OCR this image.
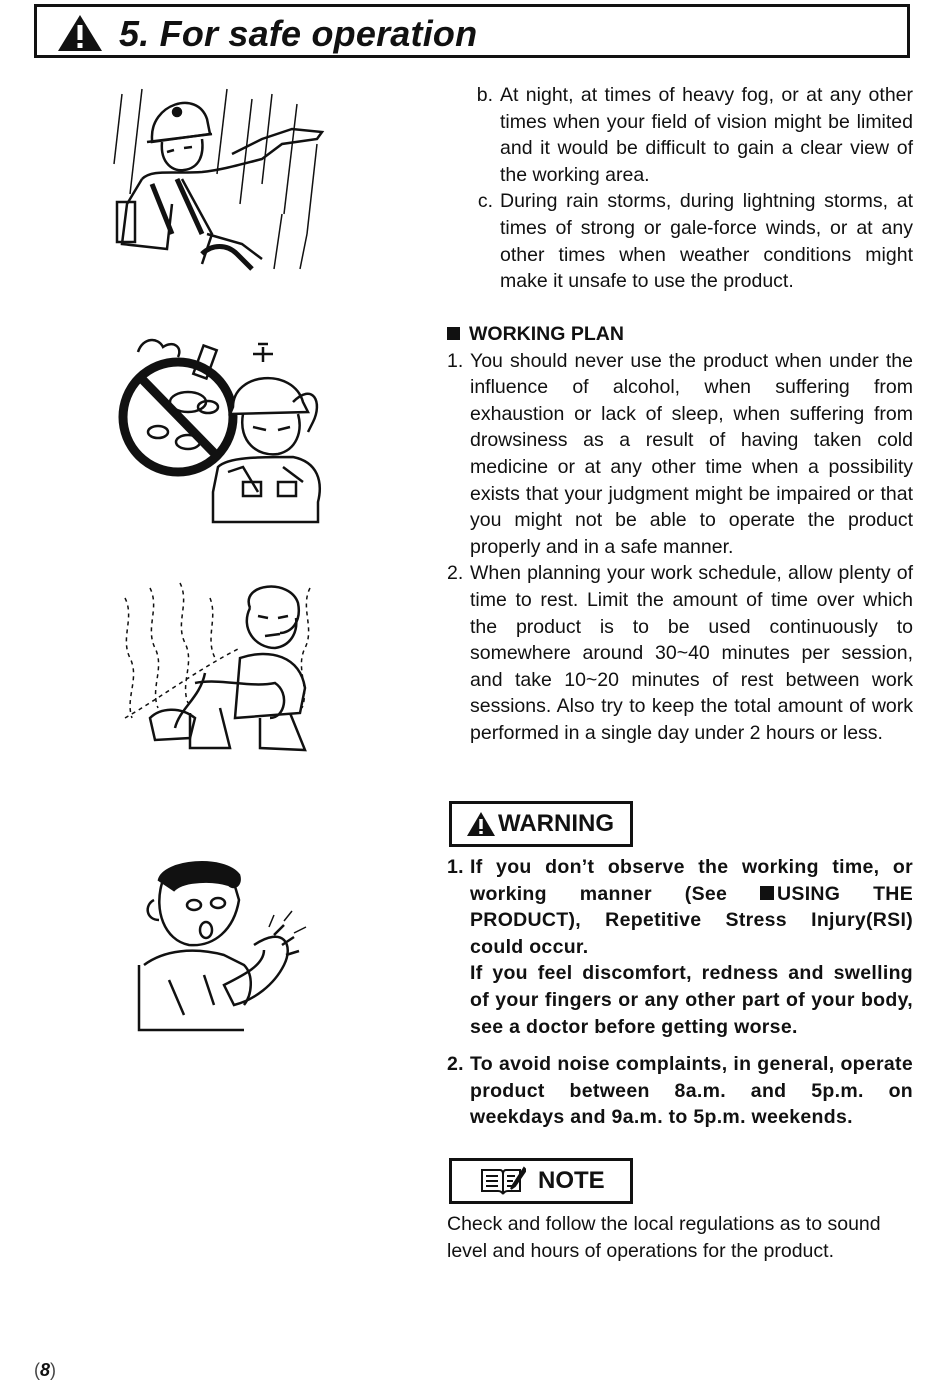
5. For safe operation
b. At night, at times of heavy fog, or at any other times when your field of vision might be limited and it would be difficult to gain a clear view of the working area.
c. During rain storms, during lightning storms, at times of strong or gale-force winds, or at any other times when weather conditions might make it unsafe to use the product.
WORKING PLAN
1. You should never use the product when under the influence of alcohol, when suffering from exhaustion or lack of sleep, when suffering from drowsiness as a result of having taken cold medicine or at any other time when a possibility exists that your judgment might be impaired or that you might not be able to operate the product properly and in a safe manner.
2. When planning your work schedule, allow plenty of time to rest. Limit the amount of time over which the product is to be used continuously to somewhere around 30~40 minutes per session, and take 10~20 minutes of rest between work sessions. Also try to keep the total amount of work performed in a single day under 2 hours or less.
WARNING
1. If you don’t observe the working time, or working manner (See USING THE PRODUCT), Repetitive Stress Injury(RSI) could occur.
If you feel discomfort, redness and swelling of your fingers or any other part of your body, see a doctor before getting worse.
2. To avoid noise complaints, in general, operate product between 8a.m. and 5p.m. on weekdays and 9a.m. to 5p.m. weekends.
NOTE
Check and follow the local regulations as to sound level and hours of operations for the product.
(8)
